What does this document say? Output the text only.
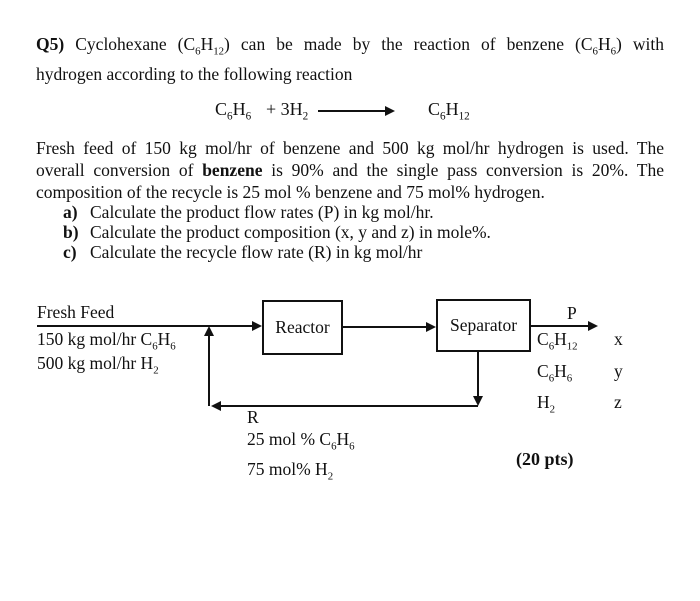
Q5) Cyclohexane $(C_6H_{12})$ can be made by the reaction of benzene $(C_6H_6)$ with
hydrogen according to the following reaction
$C_6H_6 + 3H_2$	$C_6H_{12}$
Fresh feed of 150 kg mol/hr of benzene and 500 kg mol/hr hydrogen is used. The
overall conversion of benzene is 90% and the single pass conversion is 20%. The
composition of the recycle is 25 mol % benzene and 75 mol% hydrogen.
a) Calculate the product flow rates (P) in kg mol/hr.
b) Calculate the product composition (x, y and z) in mole%.
c) Calculate the recycle flow rate (R) in kg mol/hr
Fresh Feed
150 kg mol/hr $C_6H_6$
500 kg mol/hr $H_2$
Reactor	Separator
P
$C_6H_{12}$	x
$C_6H_6$	y
$H_2$	z
R
25 mol % $C_6H_6$
75 mol% $H_2$
(20 pts)
